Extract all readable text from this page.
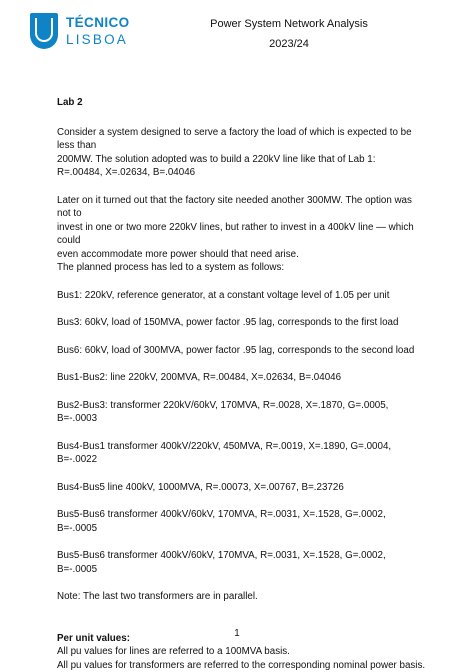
TÉCNICO
LISBOA
Power System Network Analysis
2023/24

Lab 2

Consider a system designed to serve a factory the load of which is expected to be less than

200MW. The solution adopted was to build a 220kV line like that of Lab 1:

R=.00484, X=.02634, B=.04046

Later on it turned out that the factory site needed another 300MW. The option was not to

invest in one or two more 220kV lines, but rather to invest in a 400kV line — which could

even accommodate more power should that need arise.

The planned process has led to a system as follows:

Bus1: 220kV, reference generator, at a constant voltage level of 1.05 per unit

Bus3: 60kV, load of 150MVA, power factor .95 lag, corresponds to the first load

Bus6: 60kV, load of 300MVA, power factor .95 lag, corresponds to the second load

Bus1-Bus2: line 220kV, 200MVA, R=.00484, X=.02634, B=.04046

Bus2-Bus3: transformer 220kV/60kV, 170MVA, R=.0028, X=.1870, G=.0005, B=-.0003

Bus4-Bus1 transformer 400kV/220kV, 450MVA, R=.0019, X=.1890, G=.0004, B=-.0022

Bus4-Bus5 line 400kV, 1000MVA, R=.00073, X=.00767, B=.23726

Bus5-Bus6 transformer 400kV/60kV, 170MVA, R=.0031, X=.1528, G=.0002, B=-.0005

Bus5-Bus6 transformer 400kV/60kV, 170MVA, R=.0031, X=.1528, G=.0002, B=-.0005

Note: The last two transformers are in parallel.

Per unit values:

All pu values for lines are referred to a 100MVA basis.

All pu values for transformers are referred to the corresponding nominal power basis.

1
